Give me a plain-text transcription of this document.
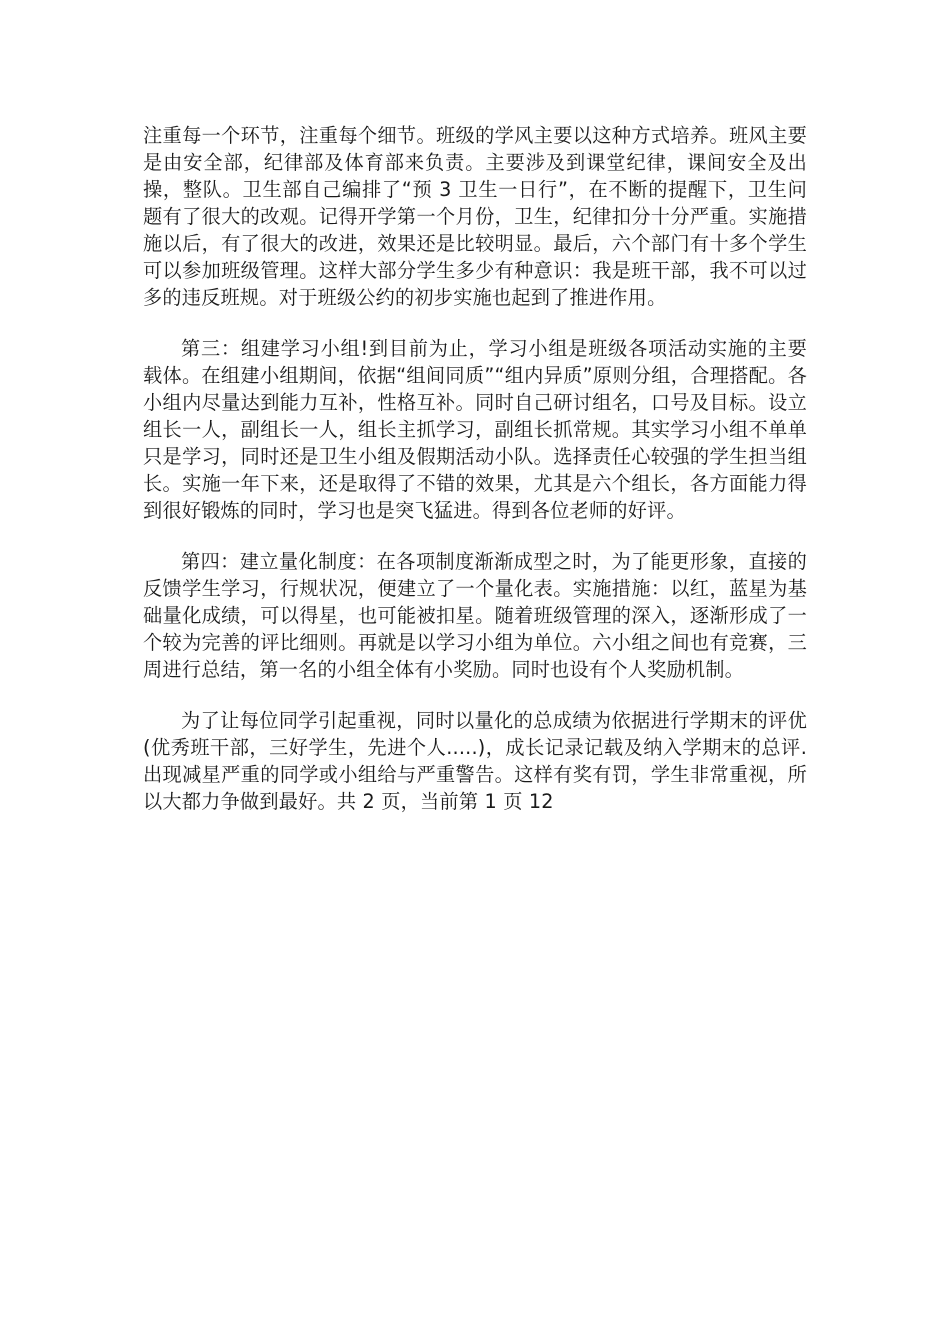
注重每一个环节，注重每个细节。班级的学风主要以这种方式培养。班风主要是由安全部，纪律部及体育部来负责。主要涉及到课堂纪律，课间安全及出操，整队。卫生部自己编排了“预 3 卫生一日行”，在不断的提醒下，卫生问题有了很大的改观。记得开学第一个月份，卫生，纪律扣分十分严重。实施措施以后，有了很大的改进，效果还是比较明显。最后，六个部门有十多个学生可以参加班级管理。这样大部分学生多少有种意识：我是班干部，我不可以过多的违反班规。对于班级公约的初步实施也起到了推进作用。

第三：组建学习小组!到目前为止，学习小组是班级各项活动实施的主要载体。在组建小组期间，依据“组间同质”“组内异质”原则分组，合理搭配。各小组内尽量达到能力互补，性格互补。同时自己研讨组名，口号及目标。设立组长一人，副组长一人，组长主抓学习，副组长抓常规。其实学习小组不单单只是学习，同时还是卫生小组及假期活动小队。选择责任心较强的学生担当组长。实施一年下来，还是取得了不错的效果，尤其是六个组长，各方面能力得到很好锻炼的同时，学习也是突飞猛进。得到各位老师的好评。

第四：建立量化制度：在各项制度渐渐成型之时，为了能更形象，直接的反馈学生学习，行规状况，便建立了一个量化表。实施措施：以红，蓝星为基础量化成绩，可以得星，也可能被扣星。随着班级管理的深入，逐渐形成了一个较为完善的评比细则。再就是以学习小组为单位。六小组之间也有竞赛，三周进行总结，第一名的小组全体有小奖励。同时也设有个人奖励机制。

为了让每位同学引起重视，同时以量化的总成绩为依据进行学期末的评优(优秀班干部，三好学生，先进个人.....)，成长记录记载及纳入学期末的总评.出现减星严重的同学或小组给与严重警告。这样有奖有罚，学生非常重视，所以大都力争做到最好。共 2 页，当前第 1 页 12
